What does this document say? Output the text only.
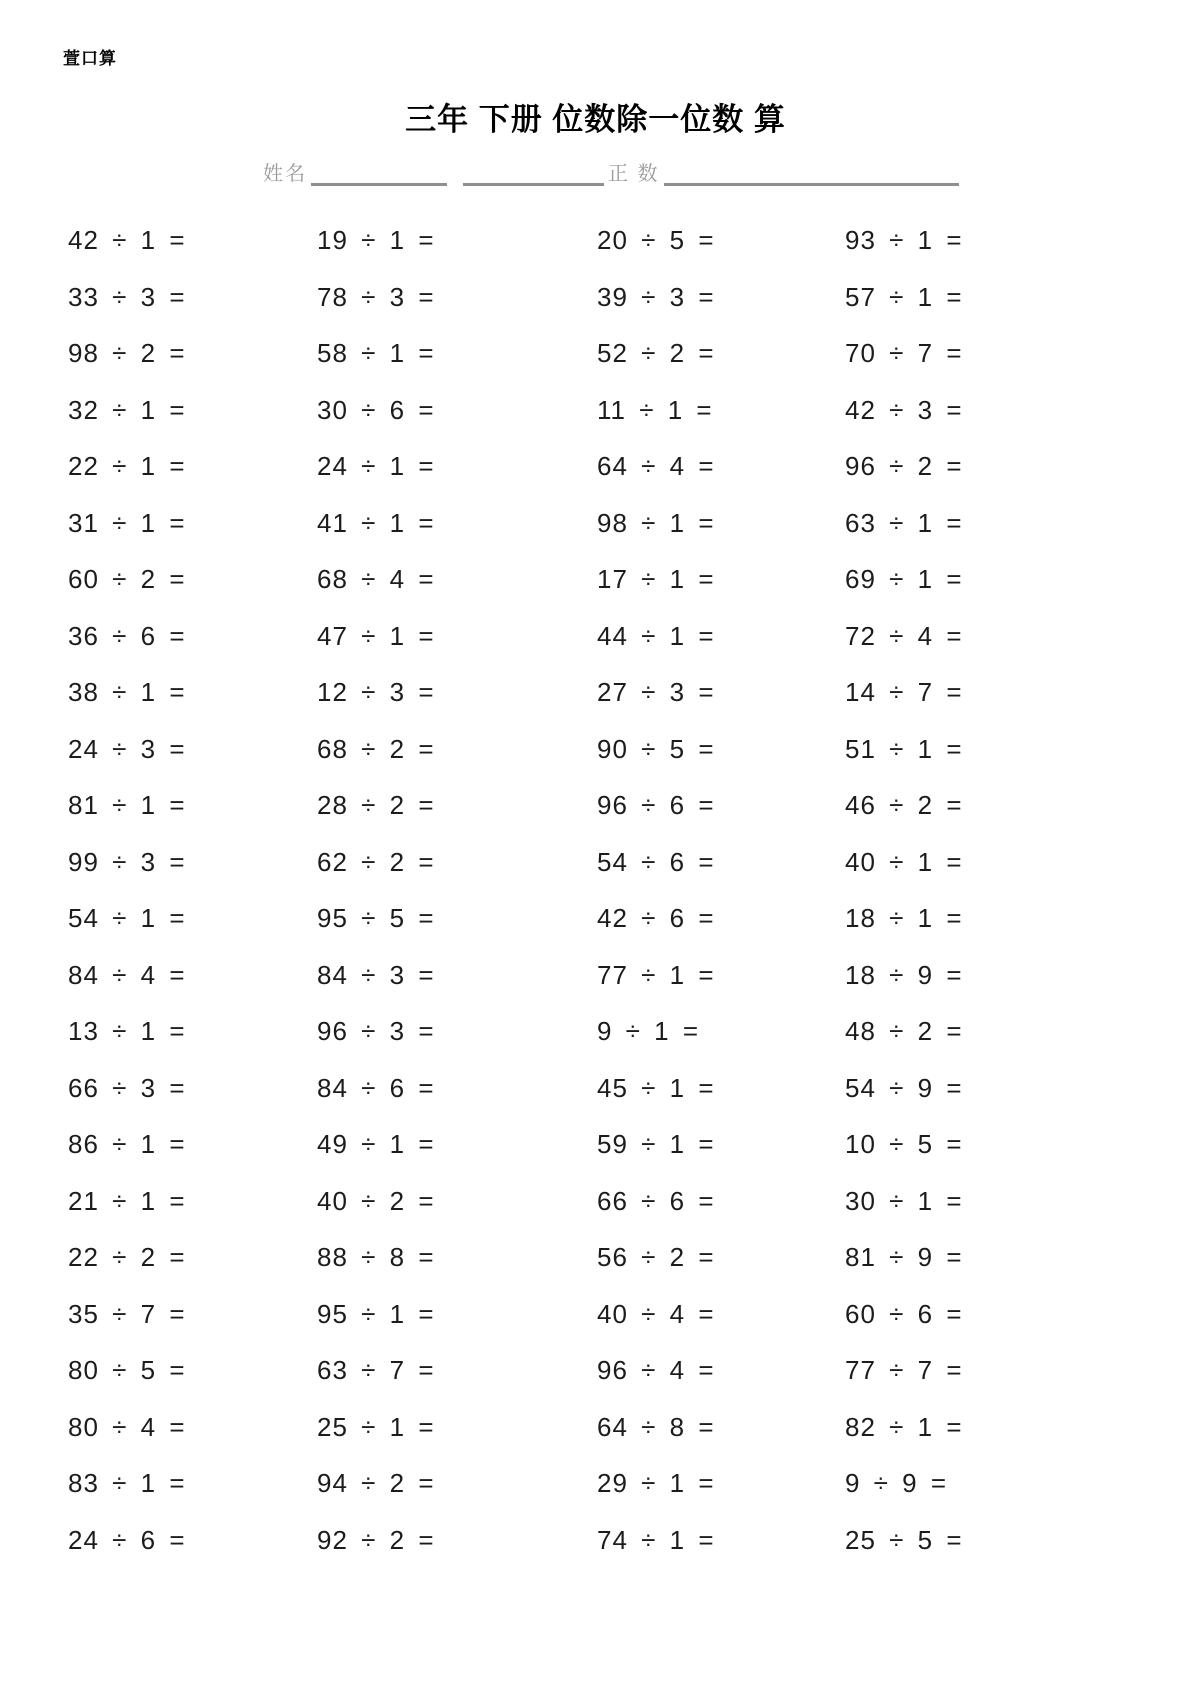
萱口算
三年 下册 位数除一位数 算
姓名	正 数
42 ÷ 1 =	19 ÷ 1 =	20 ÷ 5 =	93 ÷ 1 =
33 ÷ 3 =	78 ÷ 3 =	39 ÷ 3 =	57 ÷ 1 =
98 ÷ 2 =	58 ÷ 1 =	52 ÷ 2 =	70 ÷ 7 =
32 ÷ 1 =	30 ÷ 6 =	11 ÷ 1 =	42 ÷ 3 =
22 ÷ 1 =	24 ÷ 1 =	64 ÷ 4 =	96 ÷ 2 =
31 ÷ 1 =	41 ÷ 1 =	98 ÷ 1 =	63 ÷ 1 =
60 ÷ 2 =	68 ÷ 4 =	17 ÷ 1 =	69 ÷ 1 =
36 ÷ 6 =	47 ÷ 1 =	44 ÷ 1 =	72 ÷ 4 =
38 ÷ 1 =	12 ÷ 3 =	27 ÷ 3 =	14 ÷ 7 =
24 ÷ 3 =	68 ÷ 2 =	90 ÷ 5 =	51 ÷ 1 =
81 ÷ 1 =	28 ÷ 2 =	96 ÷ 6 =	46 ÷ 2 =
99 ÷ 3 =	62 ÷ 2 =	54 ÷ 6 =	40 ÷ 1 =
54 ÷ 1 =	95 ÷ 5 =	42 ÷ 6 =	18 ÷ 1 =
84 ÷ 4 =	84 ÷ 3 =	77 ÷ 1 =	18 ÷ 9 =
13 ÷ 1 =	96 ÷ 3 =	9 ÷ 1 =	48 ÷ 2 =
66 ÷ 3 =	84 ÷ 6 =	45 ÷ 1 =	54 ÷ 9 =
86 ÷ 1 =	49 ÷ 1 =	59 ÷ 1 =	10 ÷ 5 =
21 ÷ 1 =	40 ÷ 2 =	66 ÷ 6 =	30 ÷ 1 =
22 ÷ 2 =	88 ÷ 8 =	56 ÷ 2 =	81 ÷ 9 =
35 ÷ 7 =	95 ÷ 1 =	40 ÷ 4 =	60 ÷ 6 =
80 ÷ 5 =	63 ÷ 7 =	96 ÷ 4 =	77 ÷ 7 =
80 ÷ 4 =	25 ÷ 1 =	64 ÷ 8 =	82 ÷ 1 =
83 ÷ 1 =	94 ÷ 2 =	29 ÷ 1 =	9 ÷ 9 =
24 ÷ 6 =	92 ÷ 2 =	74 ÷ 1 =	25 ÷ 5 =
